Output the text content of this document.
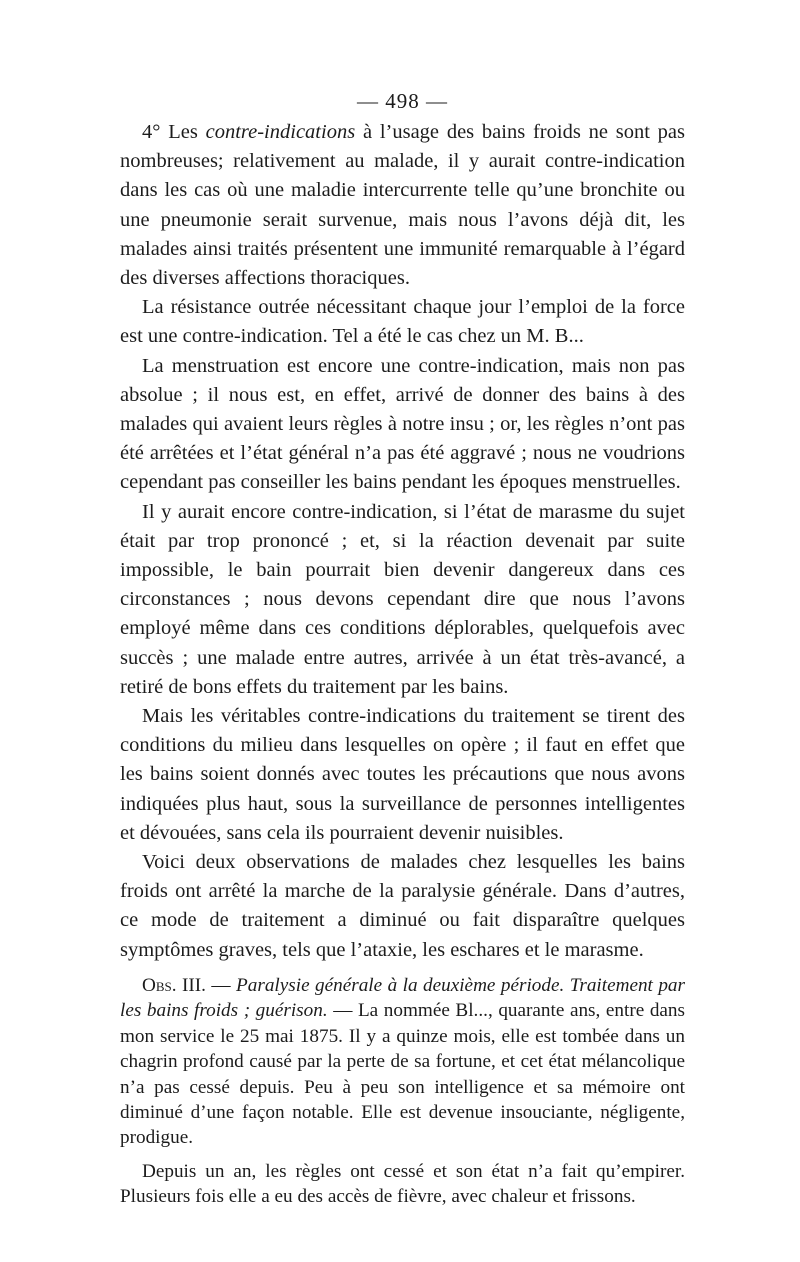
— 498 —

4° Les contre-indications à l’usage des bains froids ne sont pas nombreuses; relativement au malade, il y aurait contre-indication dans les cas où une maladie intercurrente telle qu’une bronchite ou une pneumonie serait survenue, mais nous l’avons déjà dit, les malades ainsi traités présentent une immunité remarquable à l’égard des diverses affections thoraciques.

La résistance outrée nécessitant chaque jour l’emploi de la force est une contre-indication. Tel a été le cas chez un M. B...

La menstruation est encore une contre-indication, mais non pas absolue ; il nous est, en effet, arrivé de donner des bains à des malades qui avaient leurs règles à notre insu ; or, les règles n’ont pas été arrêtées et l’état général n’a pas été aggravé ; nous ne voudrions cependant pas conseiller les bains pendant les époques menstruelles.

Il y aurait encore contre-indication, si l’état de marasme du sujet était par trop prononcé ; et, si la réaction devenait par suite impossible, le bain pourrait bien devenir dangereux dans ces circonstances ; nous devons cependant dire que nous l’avons employé même dans ces conditions déplorables, quelquefois avec succès ; une malade entre autres, arrivée à un état très-avancé, a retiré de bons effets du traitement par les bains.

Mais les véritables contre-indications du traitement se tirent des conditions du milieu dans lesquelles on opère ; il faut en effet que les bains soient donnés avec toutes les précautions que nous avons indiquées plus haut, sous la surveillance de personnes intelligentes et dévouées, sans cela ils pourraient devenir nuisibles.

Voici deux observations de malades chez lesquelles les bains froids ont arrêté la marche de la paralysie générale. Dans d’autres, ce mode de traitement a diminué ou fait disparaître quelques symptômes graves, tels que l’ataxie, les eschares et le marasme.

Obs. III. — Paralysie générale à la deuxième période. Traitement par les bains froids ; guérison. — La nommée Bl..., quarante ans, entre dans mon service le 25 mai 1875. Il y a quinze mois, elle est tombée dans un chagrin profond causé par la perte de sa fortune, et cet état mélancolique n’a pas cessé depuis. Peu à peu son intelligence et sa mémoire ont diminué d’une façon notable. Elle est devenue insouciante, négligente, prodigue.

Depuis un an, les règles ont cessé et son état n’a fait qu’empirer. Plusieurs fois elle a eu des accès de fièvre, avec chaleur et frissons.
